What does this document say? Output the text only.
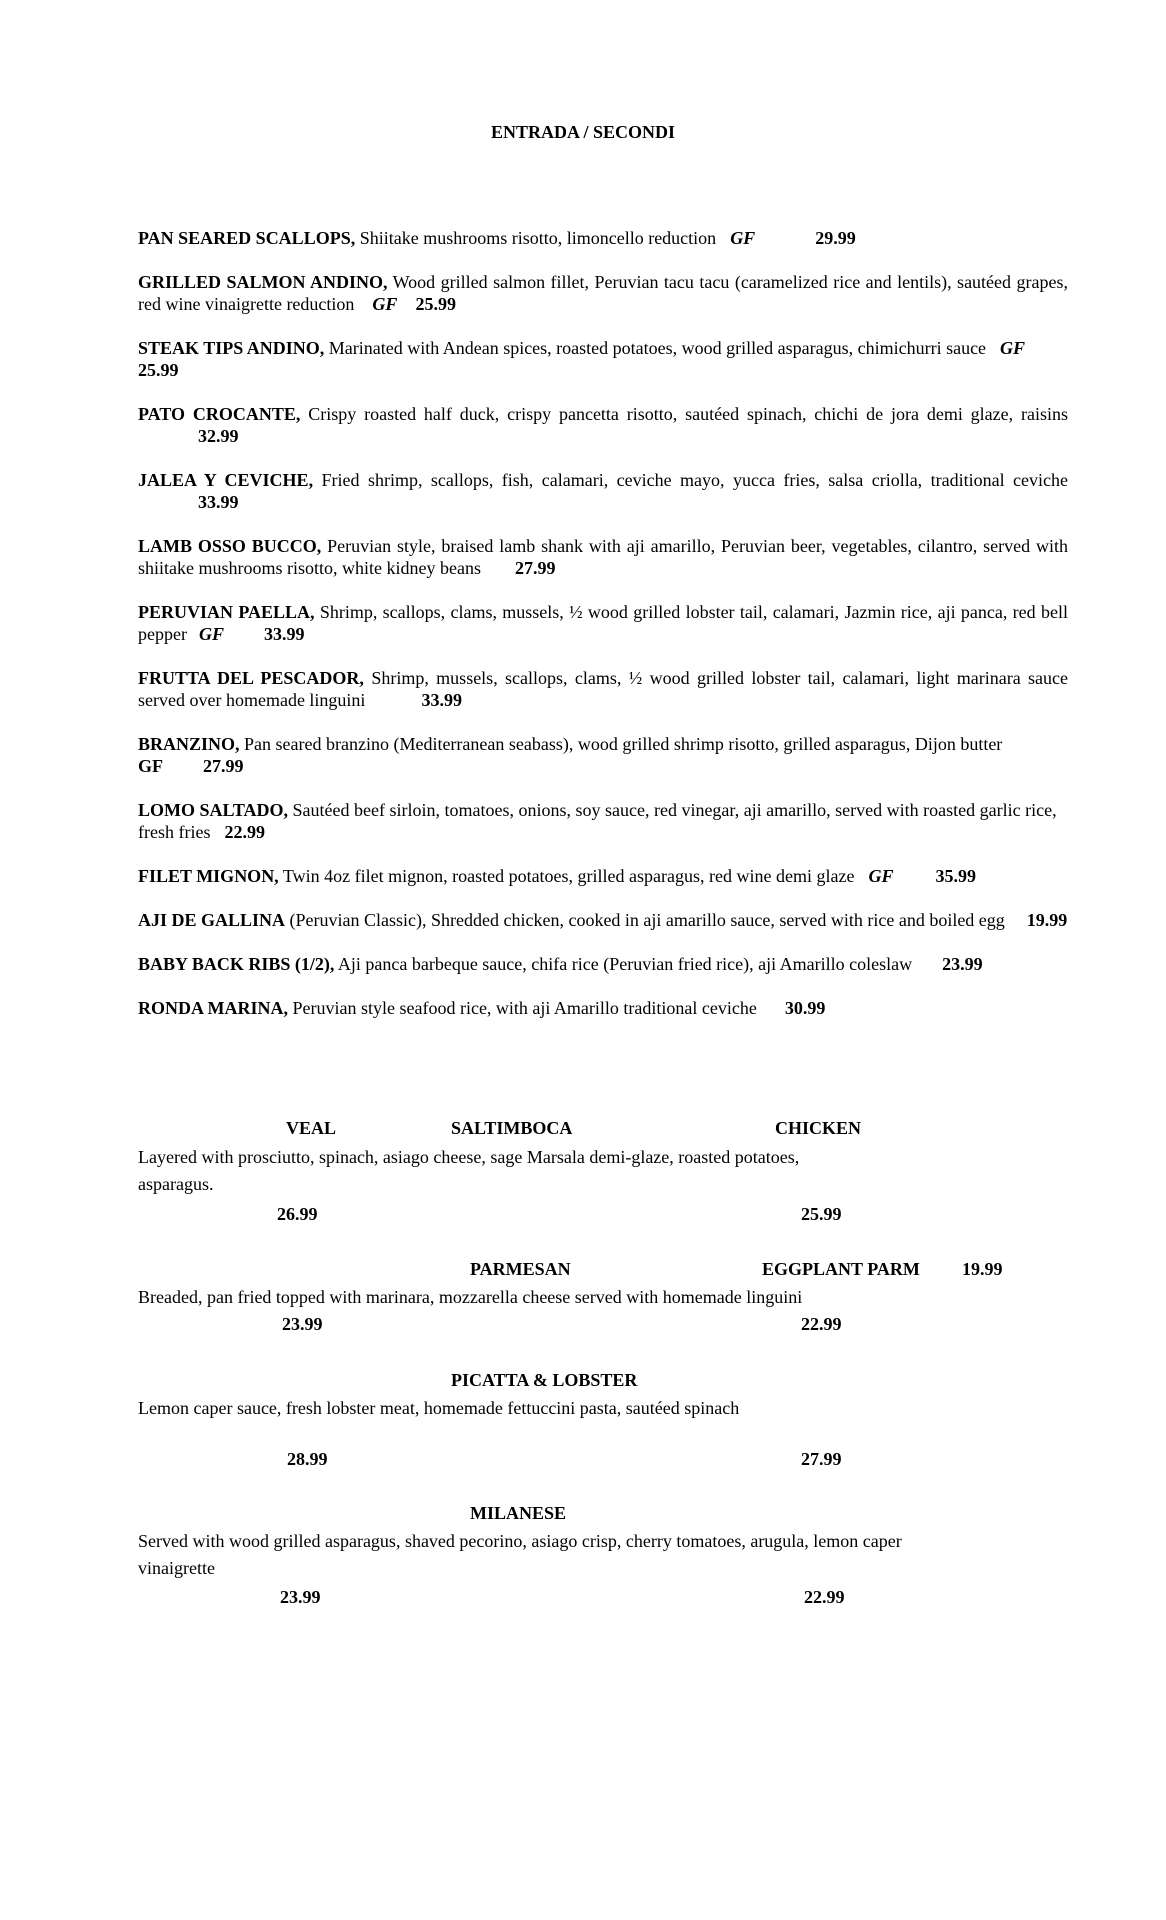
ENTRADA / SECONDI

PAN SEARED SCALLOPS, Shiitake mushrooms risotto, limoncello reduction GF	29.99

GRILLED SALMON ANDINO, Wood grilled salmon fillet, Peruvian tacu tacu (caramelized rice and lentils), sautéed grapes, red wine vinaigrette reduction GF 25.99

STEAK TIPS ANDINO, Marinated with Andean spices, roasted potatoes, wood grilled asparagus, chimichurri sauce GF
25.99

PATO CROCANTE, Crispy roasted half duck, crispy pancetta risotto, sautéed spinach, chichi de jora demi glaze, raisins32.99

JALEA Y CEVICHE, Fried shrimp, scallops, fish, calamari, ceviche mayo, yucca fries, salsa criolla, traditional ceviche33.99

LAMB OSSO BUCCO, Peruvian style, braised lamb shank with aji amarillo, Peruvian beer, vegetables, cilantro, served with shiitake mushrooms risotto, white kidney beans 27.99

PERUVIAN PAELLA, Shrimp, scallops, clams, mussels, ½ wood grilled lobster tail, calamari, Jazmin rice, aji panca, red bell pepper GF 33.99

FRUTTA DEL PESCADOR, Shrimp, mussels, scallops, clams, ½ wood grilled lobster tail, calamari, light marinara sauce served over homemade linguini	33.99

BRANZINO, Pan seared branzino (Mediterranean seabass), wood grilled shrimp risotto, grilled asparagus, Dijon butter
GF 27.99

LOMO SALTADO, Sautéed beef sirloin, tomatoes, onions, soy sauce, red vinegar, aji amarillo, served with roasted garlic rice, fresh fries 22.99

FILET MIGNON, Twin 4oz filet mignon, roasted potatoes, grilled asparagus, red wine demi glaze GF 35.99

AJI DE GALLINA (Peruvian Classic), Shredded chicken, cooked in aji amarillo sauce, served with rice and boiled egg 19.99

BABY BACK RIBS (1/2), Aji panca barbeque sauce, chifa rice (Peruvian fried rice), aji Amarillo coleslaw 23.99

RONDA MARINA, Peruvian style seafood rice, with aji Amarillo traditional ceviche 30.99

VEAL	SALTIMBOCA	CHICKEN
Layered with prosciutto, spinach, asiago cheese, sage Marsala demi-glaze, roasted potatoes, asparagus.
26.99	25.99
PARMESAN	EGGPLANT PARM 19.99
Breaded, pan fried topped with marinara, mozzarella cheese served with homemade linguini
23.99	22.99
PICATTA & LOBSTER
Lemon caper sauce, fresh lobster meat, homemade fettuccini pasta, sautéed spinach
28.99	27.99
MILANESE
Served with wood grilled asparagus, shaved pecorino, asiago crisp, cherry tomatoes, arugula, lemon caper vinaigrette
23.99	22.99
